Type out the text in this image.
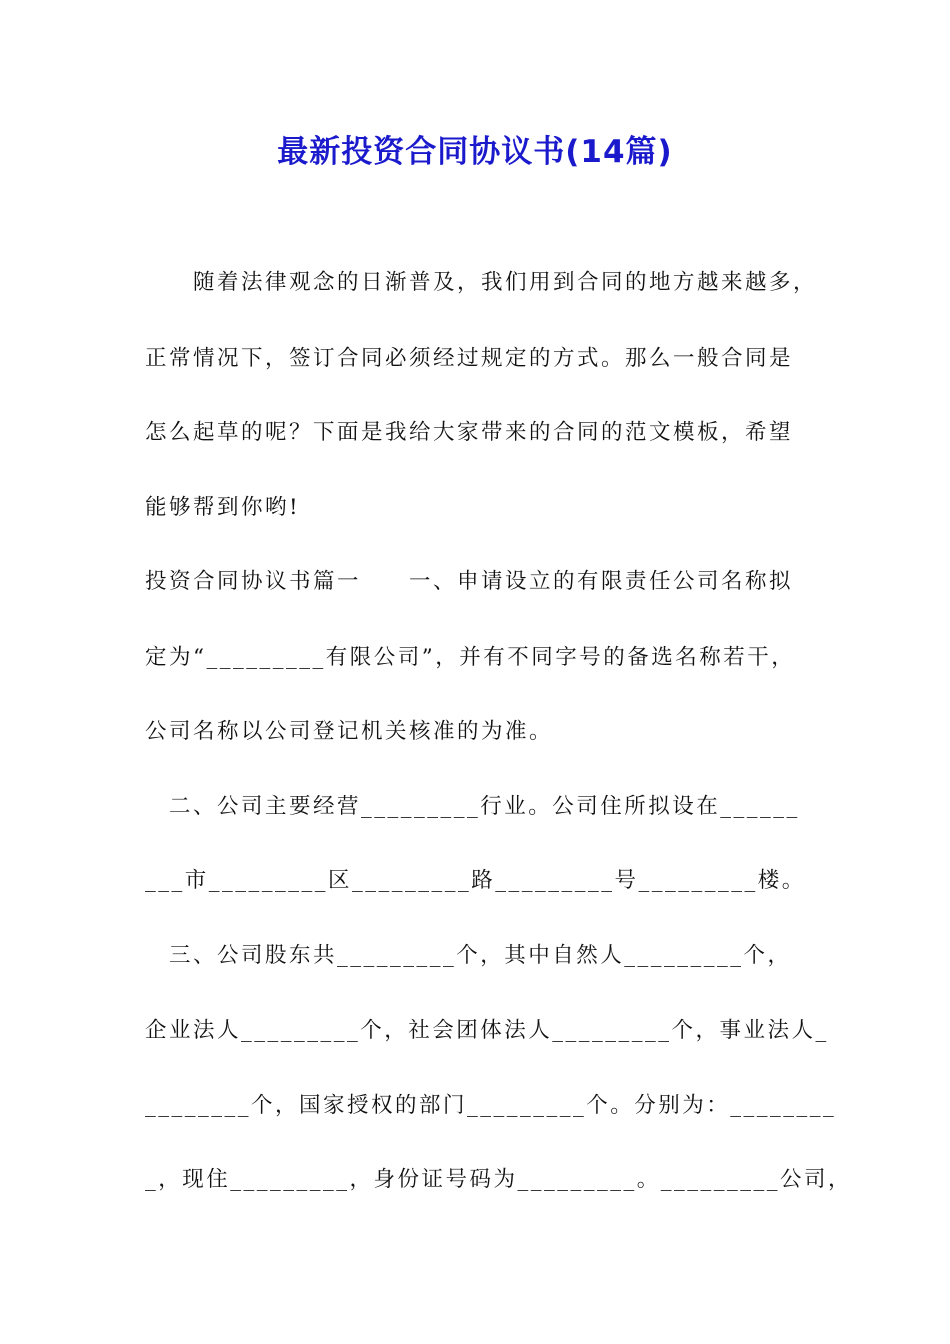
最新投资合同协议书(14篇)
　　随着法律观念的日渐普及，我们用到合同的地方越来越多，
正常情况下，签订合同必须经过规定的方式。那么一般合同是
怎么起草的呢？下面是我给大家带来的合同的范文模板，希望
能够帮到你哟!
投资合同协议书篇一　　一、申请设立的有限责任公司名称拟
定为“_________有限公司”，并有不同字号的备选名称若干，
公司名称以公司登记机关核准的为准。
　二、公司主要经营_________行业。公司住所拟设在______
___市_________区_________路_________号_________楼。
　三、公司股东共_________个，其中自然人_________个，
企业法人_________个，社会团体法人_________个，事业法人_
________个，国家授权的部门_________个。分别为：________
_，现住_________，身份证号码为_________。_________公司，
